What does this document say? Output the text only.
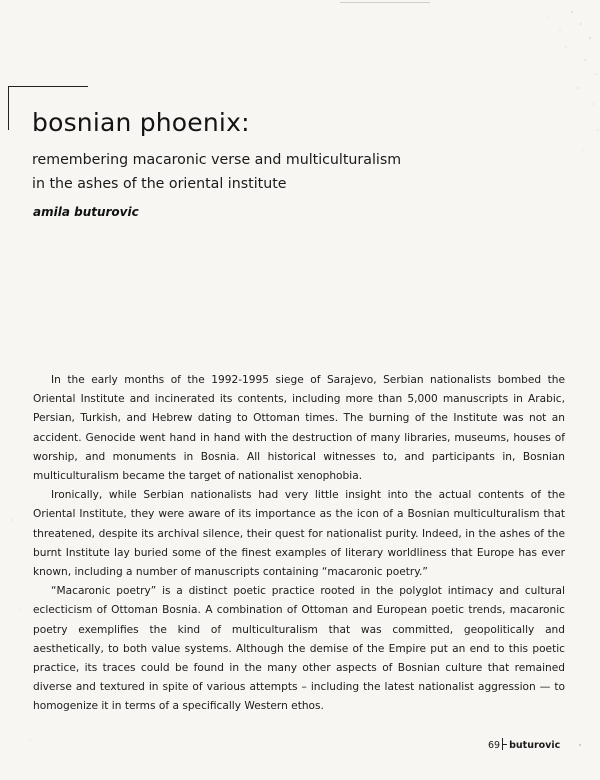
bosnian phoenix:
remembering macaronic verse and multiculturalism
in the ashes of the oriental institute
amila buturovic

In the early months of the 1992-1995 siege of Sarajevo, Serbian nationalists bombed the Oriental Institute and incinerated its contents, including more than 5,000 manuscripts in Arabic, Persian, Turkish, and Hebrew dating to Ottoman times. The burning of the Institute was not an accident. Genocide went hand in hand with the destruction of many libraries, museums, houses of worship, and monuments in Bosnia. All historical witnesses to, and participants in, Bosnian multiculturalism became the target of nationalist xenophobia.

Ironically, while Serbian nationalists had very little insight into the actual contents of the Oriental Institute, they were aware of its importance as the icon of a Bosnian multiculturalism that threatened, despite its archival silence, their quest for nationalist purity. Indeed, in the ashes of the burnt Institute lay buried some of the finest examples of literary worldliness that Europe has ever known, including a number of manuscripts containing “macaronic poetry.”

“Macaronic poetry” is a distinct poetic practice rooted in the polyglot intimacy and cultural eclecticism of Ottoman Bosnia. A combination of Ottoman and European poetic trends, macaronic poetry exemplifies the kind of multiculturalism that was committed, geopolitically and aesthetically, to both value systems. Although the demise of the Empire put an end to this poetic practice, its traces could be found in the many other aspects of Bosnian culture that remained diverse and textured in spite of various attempts – including the latest nationalist aggression — to homogenize it in terms of a specifically Western ethos.

69 buturovic
